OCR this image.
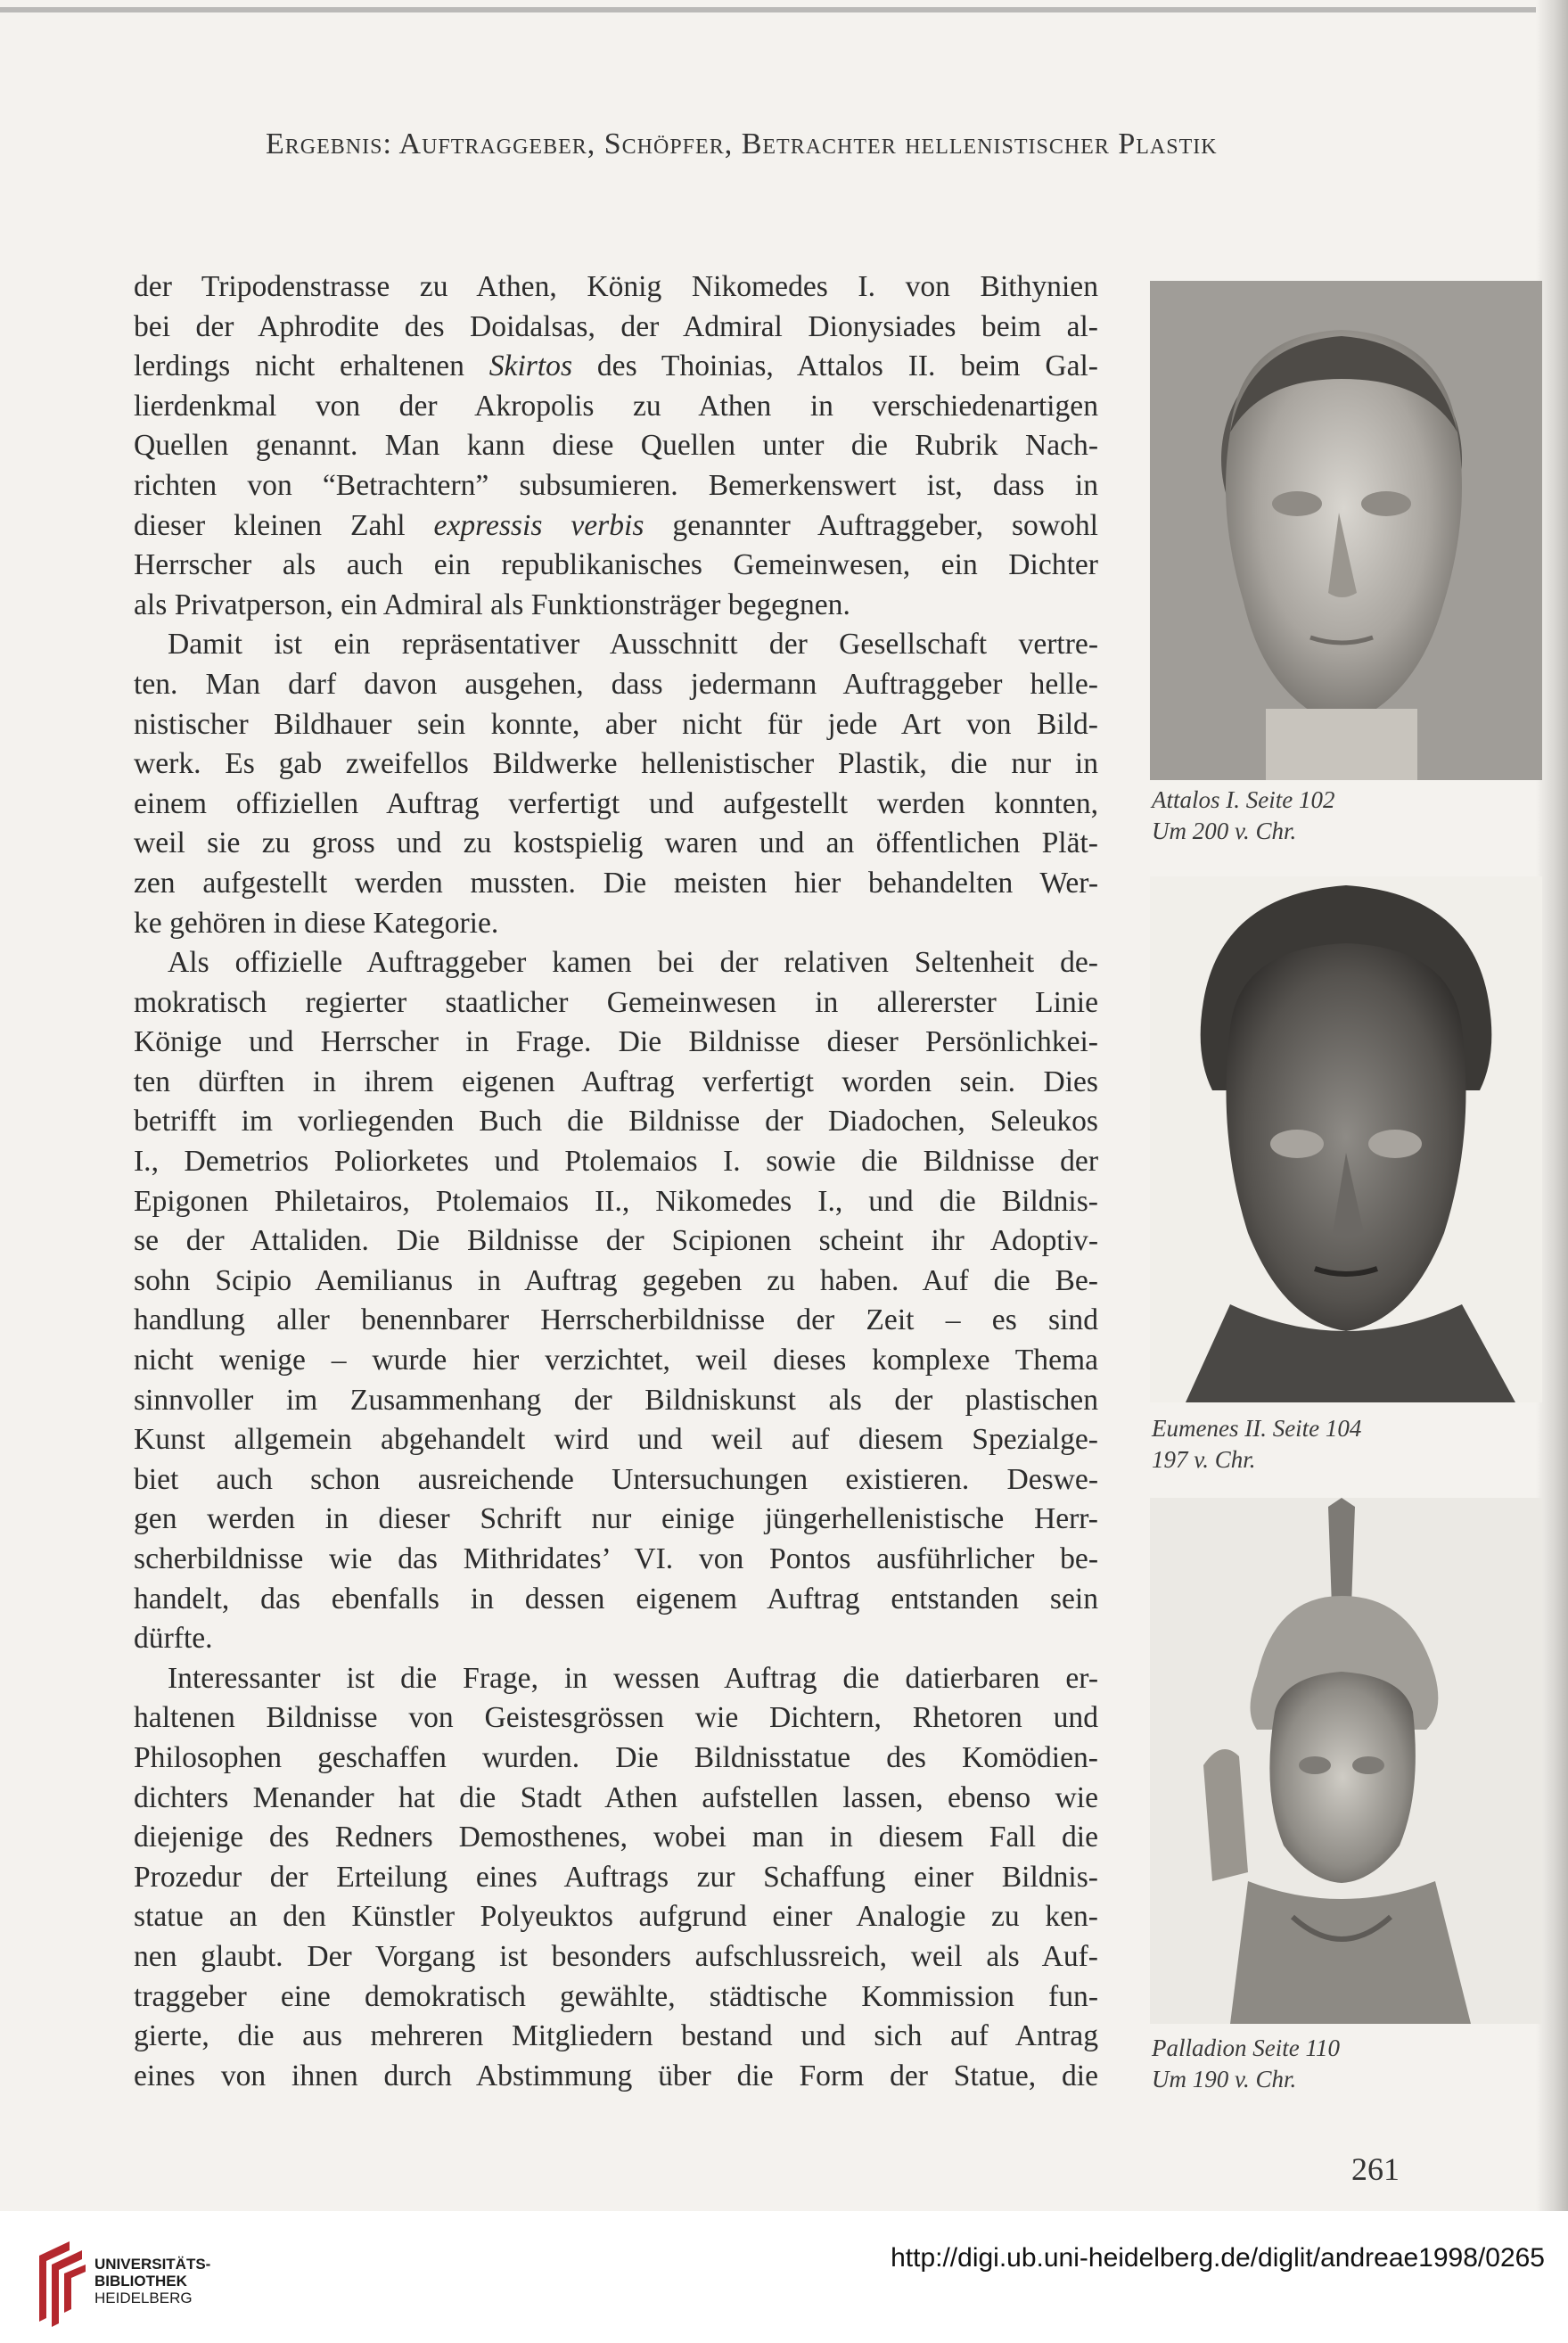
Ergebnis: Auftraggeber, Schöpfer, Betrachter hellenistischer Plastik
der Tripodenstrasse zu Athen, König Nikomedes I. von Bithynien
bei der Aphrodite des Doidalsas, der Admiral Dionysiades beim al-
lerdings nicht erhaltenen Skirtos des Thoinias, Attalos II. beim Gal-
lierdenkmal von der Akropolis zu Athen in verschiedenartigen
Quellen genannt. Man kann diese Quellen unter die Rubrik Nach-
richten von “Betrachtern” subsumieren. Bemerkenswert ist, dass in
dieser kleinen Zahl expressis verbis genannter Auftraggeber, sowohl
Herrscher als auch ein republikanisches Gemeinwesen, ein Dichter
als Privatperson, ein Admiral als Funktionsträger begegnen.
Damit ist ein repräsentativer Ausschnitt der Gesellschaft vertre-
ten. Man darf davon ausgehen, dass jedermann Auftraggeber helle-
nistischer Bildhauer sein konnte, aber nicht für jede Art von Bild-
werk. Es gab zweifellos Bildwerke hellenistischer Plastik, die nur in
einem offiziellen Auftrag verfertigt und aufgestellt werden konnten,
weil sie zu gross und zu kostspielig waren und an öffentlichen Plät-
zen aufgestellt werden mussten. Die meisten hier behandelten Wer-
ke gehören in diese Kategorie.
Als offizielle Auftraggeber kamen bei der relativen Seltenheit de-
mokratisch regierter staatlicher Gemeinwesen in allererster Linie
Könige und Herrscher in Frage. Die Bildnisse dieser Persönlichkei-
ten dürften in ihrem eigenen Auftrag verfertigt worden sein. Dies
betrifft im vorliegenden Buch die Bildnisse der Diadochen, Seleukos
I., Demetrios Poliorketes und Ptolemaios I. sowie die Bildnisse der
Epigonen Philetairos, Ptolemaios II., Nikomedes I., und die Bildnis-
se der Attaliden. Die Bildnisse der Scipionen scheint ihr Adoptiv-
sohn Scipio Aemilianus in Auftrag gegeben zu haben. Auf die Be-
handlung aller benennbarer Herrscherbildnisse der Zeit – es sind
nicht wenige – wurde hier verzichtet, weil dieses komplexe Thema
sinnvoller im Zusammenhang der Bildniskunst als der plastischen
Kunst allgemein abgehandelt wird und weil auf diesem Spezialge-
biet auch schon ausreichende Untersuchungen existieren. Deswe-
gen werden in dieser Schrift nur einige jüngerhellenistische Herr-
scherbildnisse wie das Mithridates’ VI. von Pontos ausführlicher be-
handelt, das ebenfalls in dessen eigenem Auftrag entstanden sein
dürfte.
Interessanter ist die Frage, in wessen Auftrag die datierbaren er-
haltenen Bildnisse von Geistesgrössen wie Dichtern, Rhetoren und
Philosophen geschaffen wurden. Die Bildnisstatue des Komödien-
dichters Menander hat die Stadt Athen aufstellen lassen, ebenso wie
diejenige des Redners Demosthenes, wobei man in diesem Fall die
Prozedur der Erteilung eines Auftrags zur Schaffung einer Bildnis-
statue an den Künstler Polyeuktos aufgrund einer Analogie zu ken-
nen glaubt. Der Vorgang ist besonders aufschlussreich, weil als Auf-
traggeber eine demokratisch gewählte, städtische Kommission fun-
gierte, die aus mehreren Mitgliedern bestand und sich auf Antrag
eines von ihnen durch Abstimmung über die Form der Statue, die
Attalos I. Seite 102
Um 200 v. Chr.
Eumenes II. Seite 104
197 v. Chr.
Palladion Seite 110
Um 190 v. Chr.
261
UNIVERSITÄTS-
BIBLIOTHEK
HEIDELBERG
http://digi.ub.uni-heidelberg.de/diglit/andreae1998/0265
